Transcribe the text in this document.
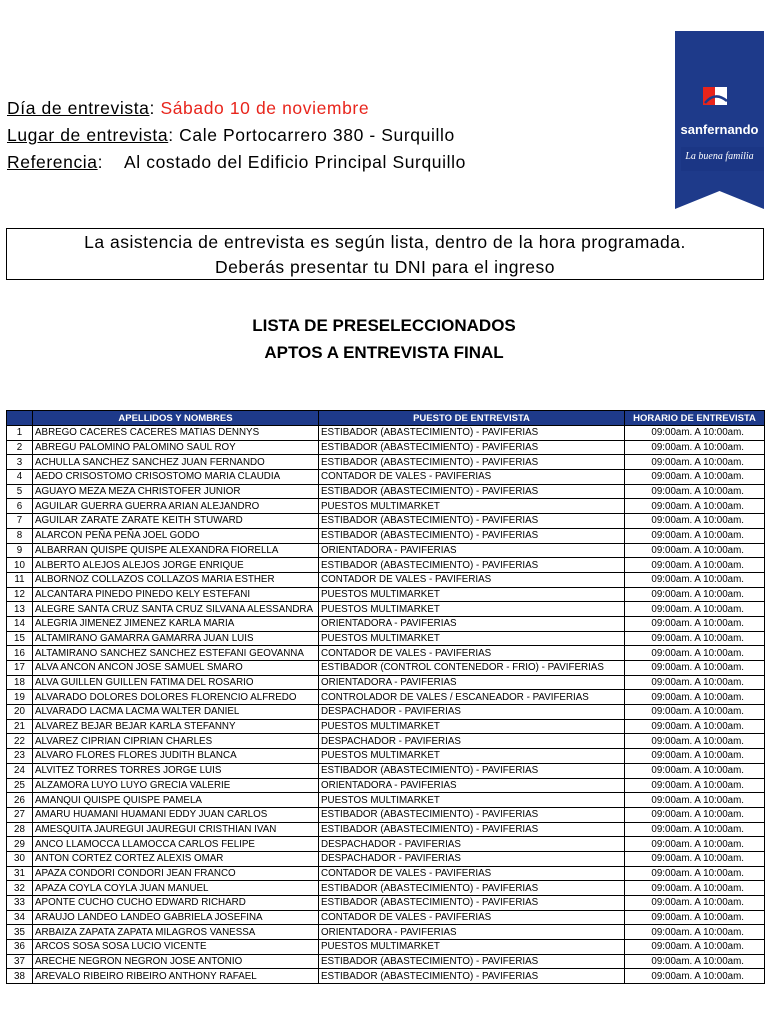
Día de entrevista: Sábado 10 de noviembre
Lugar de entrevista: Cale Portocarrero 380 - Surquillo
Referencia:    Al costado del Edificio Principal Surquillo
sanfernando
La buena familia
La asistencia de entrevista es según lista, dentro de la hora programada.
Deberás presentar tu DNI para el ingreso
LISTA DE PRESELECCIONADOS
APTOS A ENTREVISTA FINAL
	APELLIDOS Y NOMBRES	PUESTO DE ENTREVISTA	HORARIO DE ENTREVISTA
1	ABREGO CACERES CACERES MATIAS DENNYS	ESTIBADOR (ABASTECIMIENTO) - PAVIFERIAS	09:00am. A 10:00am.
2	ABREGU PALOMINO PALOMINO SAUL ROY	ESTIBADOR (ABASTECIMIENTO) - PAVIFERIAS	09:00am. A 10:00am.
3	ACHULLA SANCHEZ SANCHEZ JUAN FERNANDO	ESTIBADOR (ABASTECIMIENTO) - PAVIFERIAS	09:00am. A 10:00am.
4	AEDO CRISOSTOMO CRISOSTOMO MARIA CLAUDIA	CONTADOR DE VALES - PAVIFERIAS	09:00am. A 10:00am.
5	AGUAYO MEZA MEZA CHRISTOFER JUNIOR	ESTIBADOR (ABASTECIMIENTO) - PAVIFERIAS	09:00am. A 10:00am.
6	AGUILAR GUERRA GUERRA ARIAN ALEJANDRO	PUESTOS MULTIMARKET	09:00am. A 10:00am.
7	AGUILAR ZARATE ZARATE KEITH STUWARD	ESTIBADOR (ABASTECIMIENTO) - PAVIFERIAS	09:00am. A 10:00am.
8	ALARCON PEÑA PEÑA JOEL GODO	ESTIBADOR (ABASTECIMIENTO) - PAVIFERIAS	09:00am. A 10:00am.
9	ALBARRAN QUISPE QUISPE ALEXANDRA FIORELLA	ORIENTADORA - PAVIFERIAS	09:00am. A 10:00am.
10	ALBERTO ALEJOS ALEJOS JORGE ENRIQUE	ESTIBADOR (ABASTECIMIENTO) - PAVIFERIAS	09:00am. A 10:00am.
11	ALBORNOZ COLLAZOS COLLAZOS MARIA ESTHER	CONTADOR DE VALES - PAVIFERIAS	09:00am. A 10:00am.
12	ALCANTARA PINEDO PINEDO KELY ESTEFANI	PUESTOS MULTIMARKET	09:00am. A 10:00am.
13	ALEGRE SANTA CRUZ SANTA CRUZ SILVANA ALESSANDRA	PUESTOS MULTIMARKET	09:00am. A 10:00am.
14	ALEGRIA JIMENEZ JIMENEZ KARLA MARIA	ORIENTADORA - PAVIFERIAS	09:00am. A 10:00am.
15	ALTAMIRANO GAMARRA GAMARRA JUAN LUIS	PUESTOS MULTIMARKET	09:00am. A 10:00am.
16	ALTAMIRANO SANCHEZ SANCHEZ ESTEFANI GEOVANNA	CONTADOR DE VALES - PAVIFERIAS	09:00am. A 10:00am.
17	ALVA ANCON ANCON JOSE SAMUEL SMARO	ESTIBADOR (CONTROL CONTENEDOR - FRIO) - PAVIFERIAS	09:00am. A 10:00am.
18	ALVA GUILLEN GUILLEN FATIMA DEL ROSARIO	ORIENTADORA - PAVIFERIAS	09:00am. A 10:00am.
19	ALVARADO DOLORES DOLORES FLORENCIO ALFREDO	CONTROLADOR DE VALES / ESCANEADOR - PAVIFERIAS	09:00am. A 10:00am.
20	ALVARADO LACMA LACMA WALTER DANIEL	DESPACHADOR - PAVIFERIAS	09:00am. A 10:00am.
21	ALVAREZ BEJAR BEJAR KARLA STEFANNY	PUESTOS MULTIMARKET	09:00am. A 10:00am.
22	ALVAREZ CIPRIAN CIPRIAN CHARLES	DESPACHADOR - PAVIFERIAS	09:00am. A 10:00am.
23	ALVARO FLORES FLORES JUDITH BLANCA	PUESTOS MULTIMARKET	09:00am. A 10:00am.
24	ALVITEZ TORRES TORRES JORGE LUIS	ESTIBADOR (ABASTECIMIENTO) - PAVIFERIAS	09:00am. A 10:00am.
25	ALZAMORA LUYO LUYO GRECIA VALERIE	ORIENTADORA - PAVIFERIAS	09:00am. A 10:00am.
26	AMANQUI QUISPE QUISPE PAMELA	PUESTOS MULTIMARKET	09:00am. A 10:00am.
27	AMARU HUAMANI HUAMANI EDDY JUAN CARLOS	ESTIBADOR (ABASTECIMIENTO) - PAVIFERIAS	09:00am. A 10:00am.
28	AMESQUITA JAUREGUI JAUREGUI CRISTHIAN IVAN	ESTIBADOR (ABASTECIMIENTO) - PAVIFERIAS	09:00am. A 10:00am.
29	ANCO LLAMOCCA LLAMOCCA CARLOS FELIPE	DESPACHADOR - PAVIFERIAS	09:00am. A 10:00am.
30	ANTON CORTEZ CORTEZ ALEXIS OMAR	DESPACHADOR - PAVIFERIAS	09:00am. A 10:00am.
31	APAZA CONDORI CONDORI JEAN FRANCO	CONTADOR DE VALES - PAVIFERIAS	09:00am. A 10:00am.
32	APAZA COYLA COYLA JUAN MANUEL	ESTIBADOR (ABASTECIMIENTO) - PAVIFERIAS	09:00am. A 10:00am.
33	APONTE CUCHO CUCHO EDWARD RICHARD	ESTIBADOR (ABASTECIMIENTO) - PAVIFERIAS	09:00am. A 10:00am.
34	ARAUJO LANDEO LANDEO GABRIELA JOSEFINA	CONTADOR DE VALES - PAVIFERIAS	09:00am. A 10:00am.
35	ARBAIZA ZAPATA ZAPATA MILAGROS VANESSA	ORIENTADORA - PAVIFERIAS	09:00am. A 10:00am.
36	ARCOS SOSA SOSA LUCIO VICENTE	PUESTOS MULTIMARKET	09:00am. A 10:00am.
37	ARECHE NEGRON NEGRON JOSE ANTONIO	ESTIBADOR (ABASTECIMIENTO) - PAVIFERIAS	09:00am. A 10:00am.
38	AREVALO RIBEIRO RIBEIRO ANTHONY RAFAEL	ESTIBADOR (ABASTECIMIENTO) - PAVIFERIAS	09:00am. A 10:00am.
